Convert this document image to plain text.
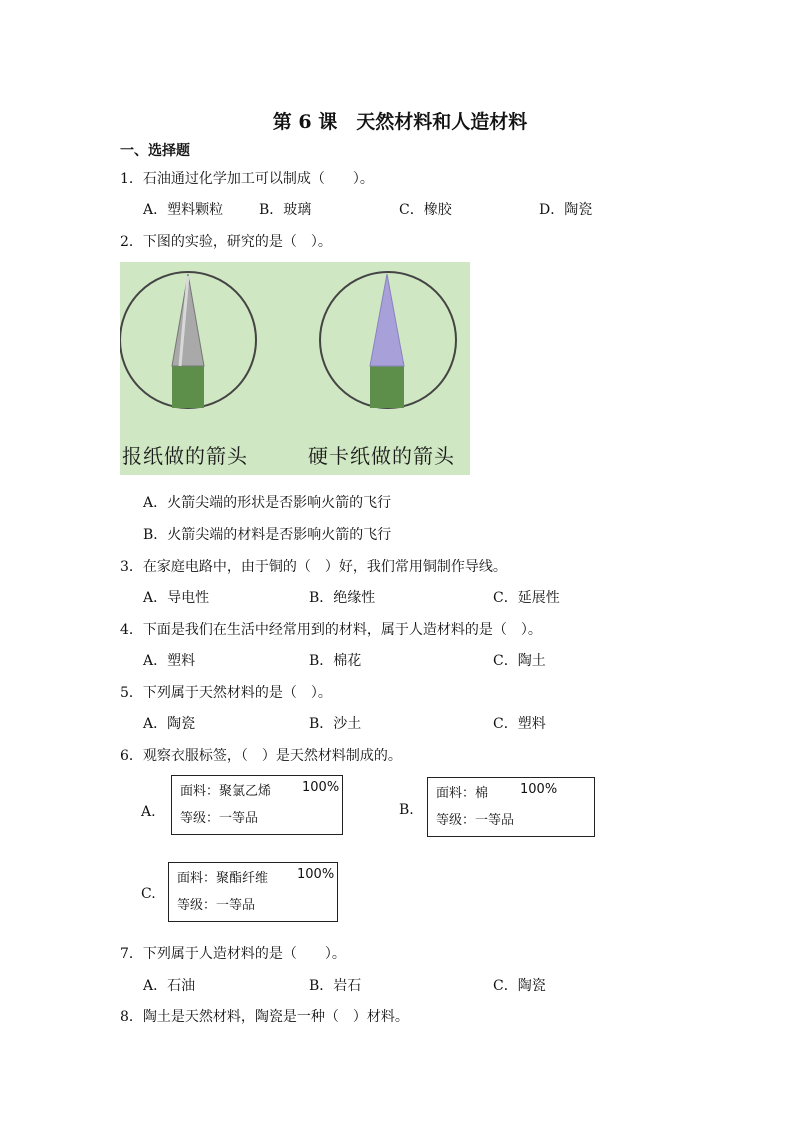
第 6 课　天然材料和人造材料
一、选择题
1．石油通过化学加工可以制成（　　）。
A．塑料颗粒	B．玻璃	C．橡胶	D．陶瓷
2．下图的实验，研究的是（　）。
报纸做的箭头	硬卡纸做的箭头
A．火箭尖端的形状是否影响火箭的飞行
B．火箭尖端的材料是否影响火箭的飞行
3．在家庭电路中，由于铜的（　）好，我们常用铜制作导线。
A．导电性	B．绝缘性	C．延展性
4．下面是我们在生活中经常用到的材料，属于人造材料的是（　）。
A．塑料	B．棉花	C．陶土
5．下列属于天然材料的是（　）。
A．陶瓷	B．沙土	C．塑料
6．观察衣服标签，（　）是天然材料制成的。
A.
面料：聚氯乙烯 100%
等级：一等品
B.
面料：棉 100%
等级：一等品
C.
面料：聚酯纤维 100%
等级：一等品
7．下列属于人造材料的是（　　）。
A．石油	B．岩石	C．陶瓷
8．陶土是天然材料，陶瓷是一种（　）材料。
